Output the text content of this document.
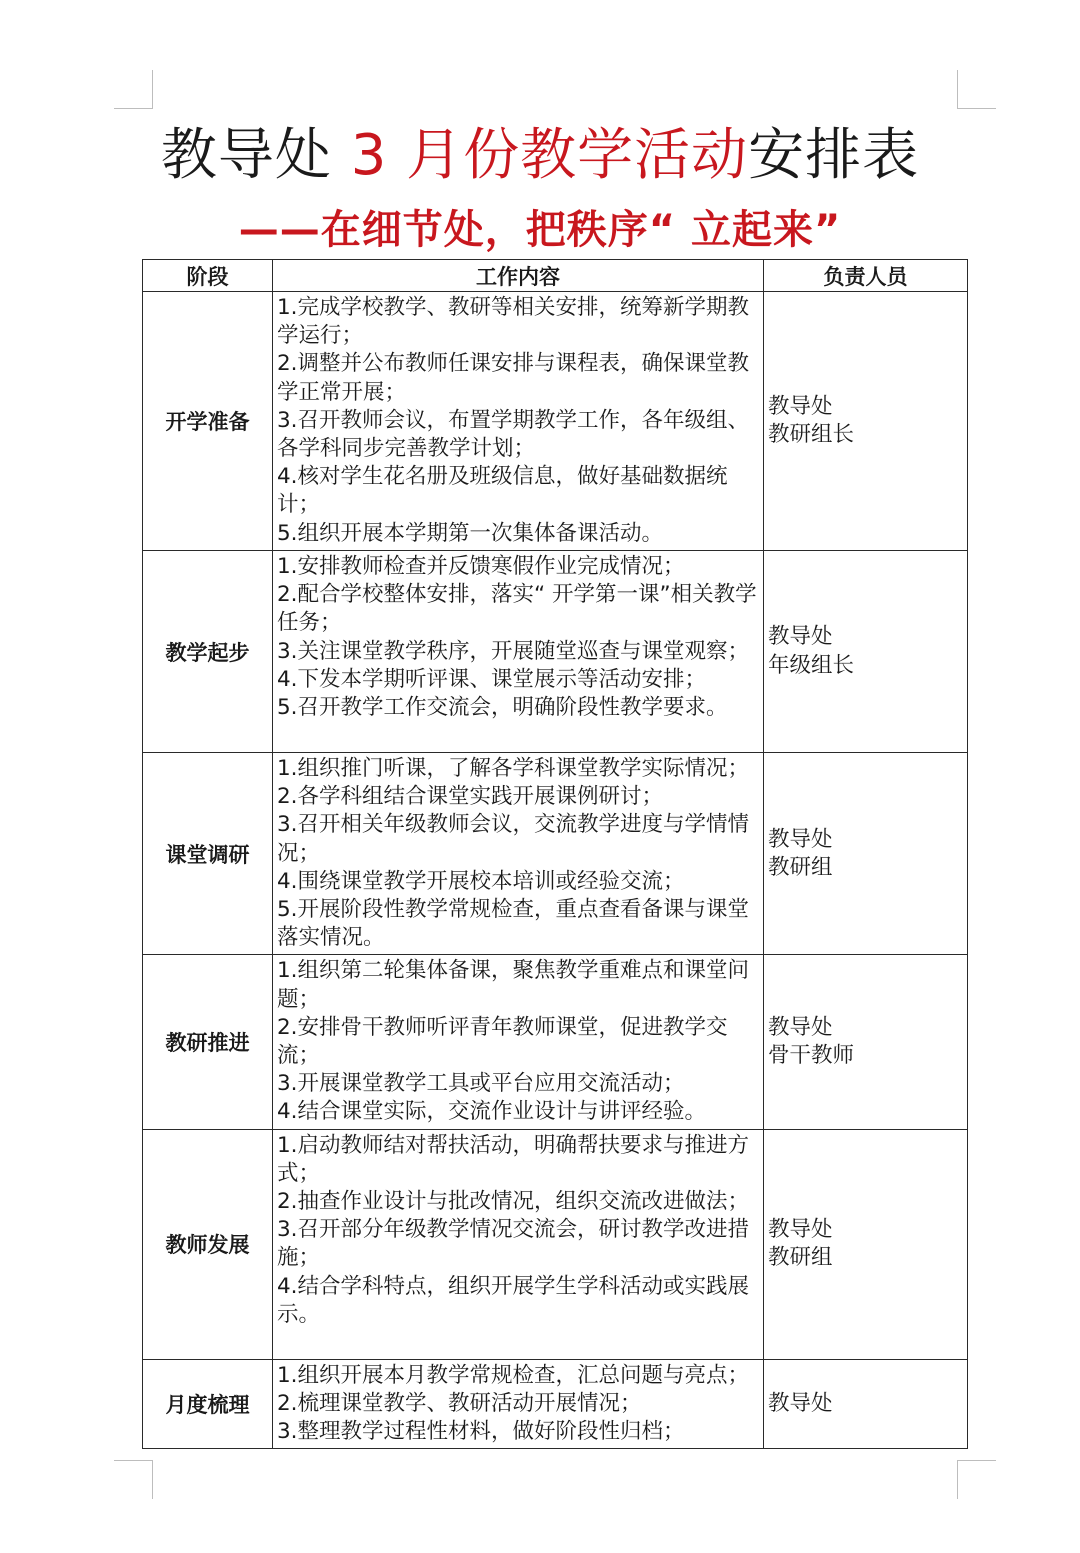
教导处 3 月份教学活动安排表
——在细节处，把秩序“ 立起来”
阶段	工作内容	负责人员
开学准备	1.完成学校教学、教研等相关安排，统筹新学期教学运行；
2.调整并公布教师任课安排与课程表，确保课堂教学正常开展；
3.召开教师会议，布置学期教学工作，各年级组、各学科同步完善教学计划；
4.核对学生花名册及班级信息，做好基础数据统计；
5.组织开展本学期第一次集体备课活动。	教导处
教研组长

教学起步	1.安排教师检查并反馈寒假作业完成情况；
2.配合学校整体安排，落实“ 开学第一课”相关教学任务；
3.关注课堂教学秩序，开展随堂巡查与课堂观察；
4.下发本学期听评课、课堂展示等活动安排；
5.召开教学工作交流会，明确阶段性教学要求。	教导处
年级组长

课堂调研	1.组织推门听课，了解各学科课堂教学实际情况；
2.各学科组结合课堂实践开展课例研讨；
3.召开相关年级教师会议，交流教学进度与学情情况；
4.围绕课堂教学开展校本培训或经验交流；
5.开展阶段性教学常规检查，重点查看备课与课堂落实情况。	教导处
教研组

教研推进	1.组织第二轮集体备课，聚焦教学重难点和课堂问题；
2.安排骨干教师听评青年教师课堂，促进教学交流；
3.开展课堂教学工具或平台应用交流活动；
4.结合课堂实际，交流作业设计与讲评经验。	教导处
骨干教师

教师发展	1.启动教师结对帮扶活动，明确帮扶要求与推进方式；
2.抽查作业设计与批改情况，组织交流改进做法；
3.召开部分年级教学情况交流会，研讨教学改进措施；
4.结合学科特点，组织开展学生学科活动或实践展示。	教导处
教研组

月度梳理	1.组织开展本月教学常规检查，汇总问题与亮点；
2.梳理课堂教学、教研活动开展情况；
3.整理教学过程性材料，做好阶段性归档；	教导处
